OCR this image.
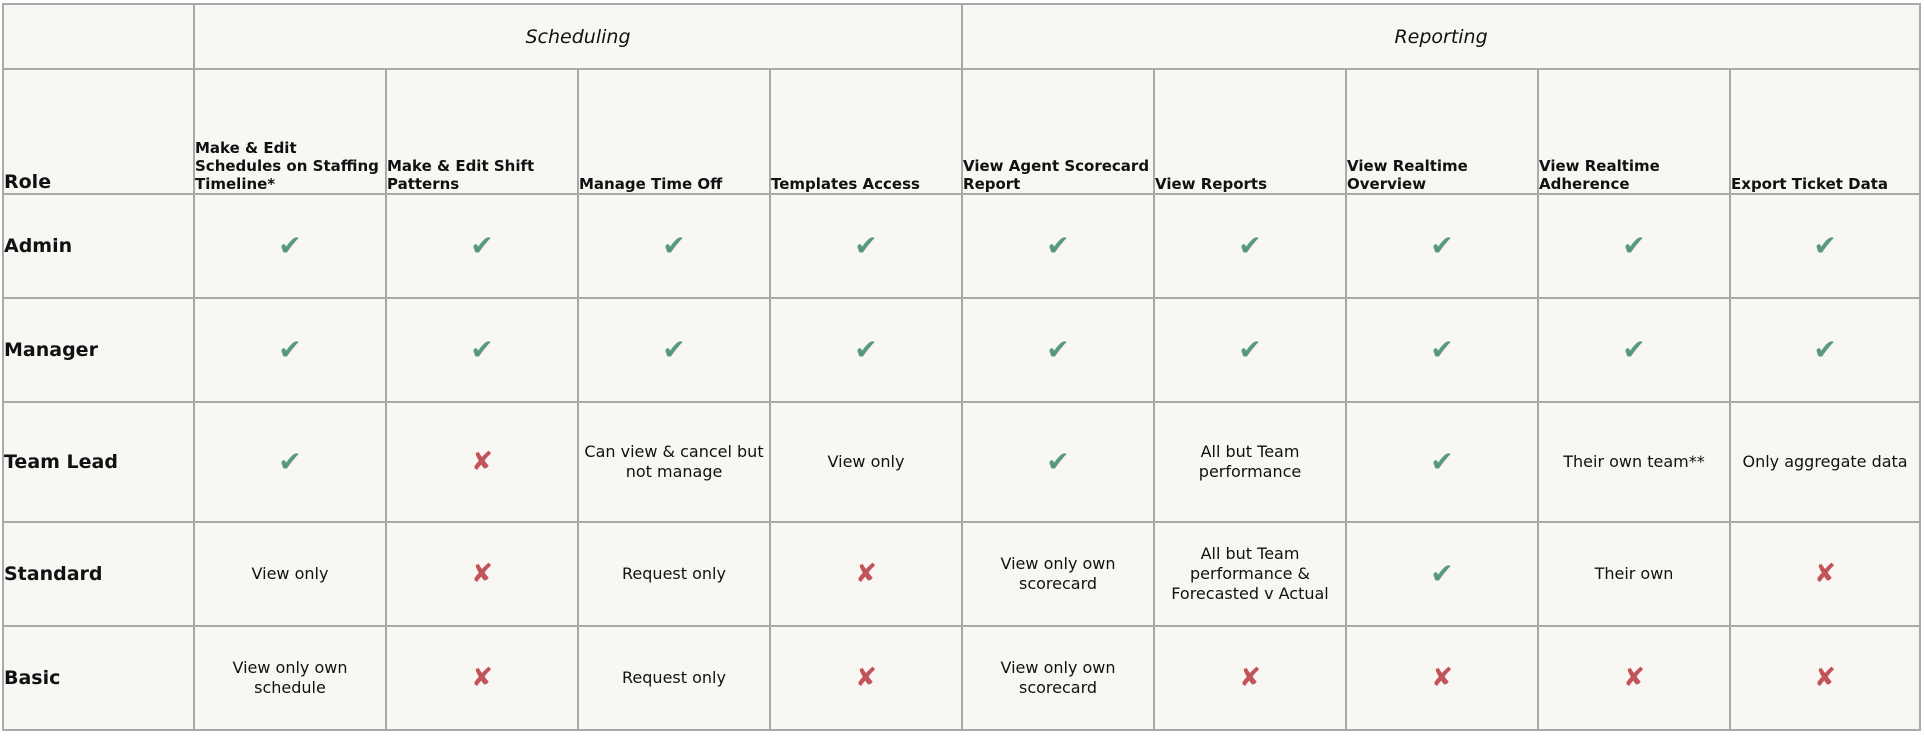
	Scheduling				Reporting				
Role	Make & Edit Schedules on Staffing Timeline*	Make & Edit Shift Patterns	Manage Time Off	Templates Access	View Agent Scorecard Report	View Reports	View Realtime Overview	View Realtime Adherence	Export Ticket Data
Admin	✔	✔	✔	✔	✔	✔	✔	✔	✔
Manager	✔	✔	✔	✔	✔	✔	✔	✔	✔
Team Lead	✔	✘	Can view & cancel but not manage	View only	✔	All but Team performance	✔	Their own team**	Only aggregate data
Standard	View only	✘	Request only	✘	View only own scorecard	All but Team performance & Forecasted v Actual	✔	Their own	✘
Basic	View only own schedule	✘	Request only	✘	View only own scorecard	✘	✘	✘	✘
